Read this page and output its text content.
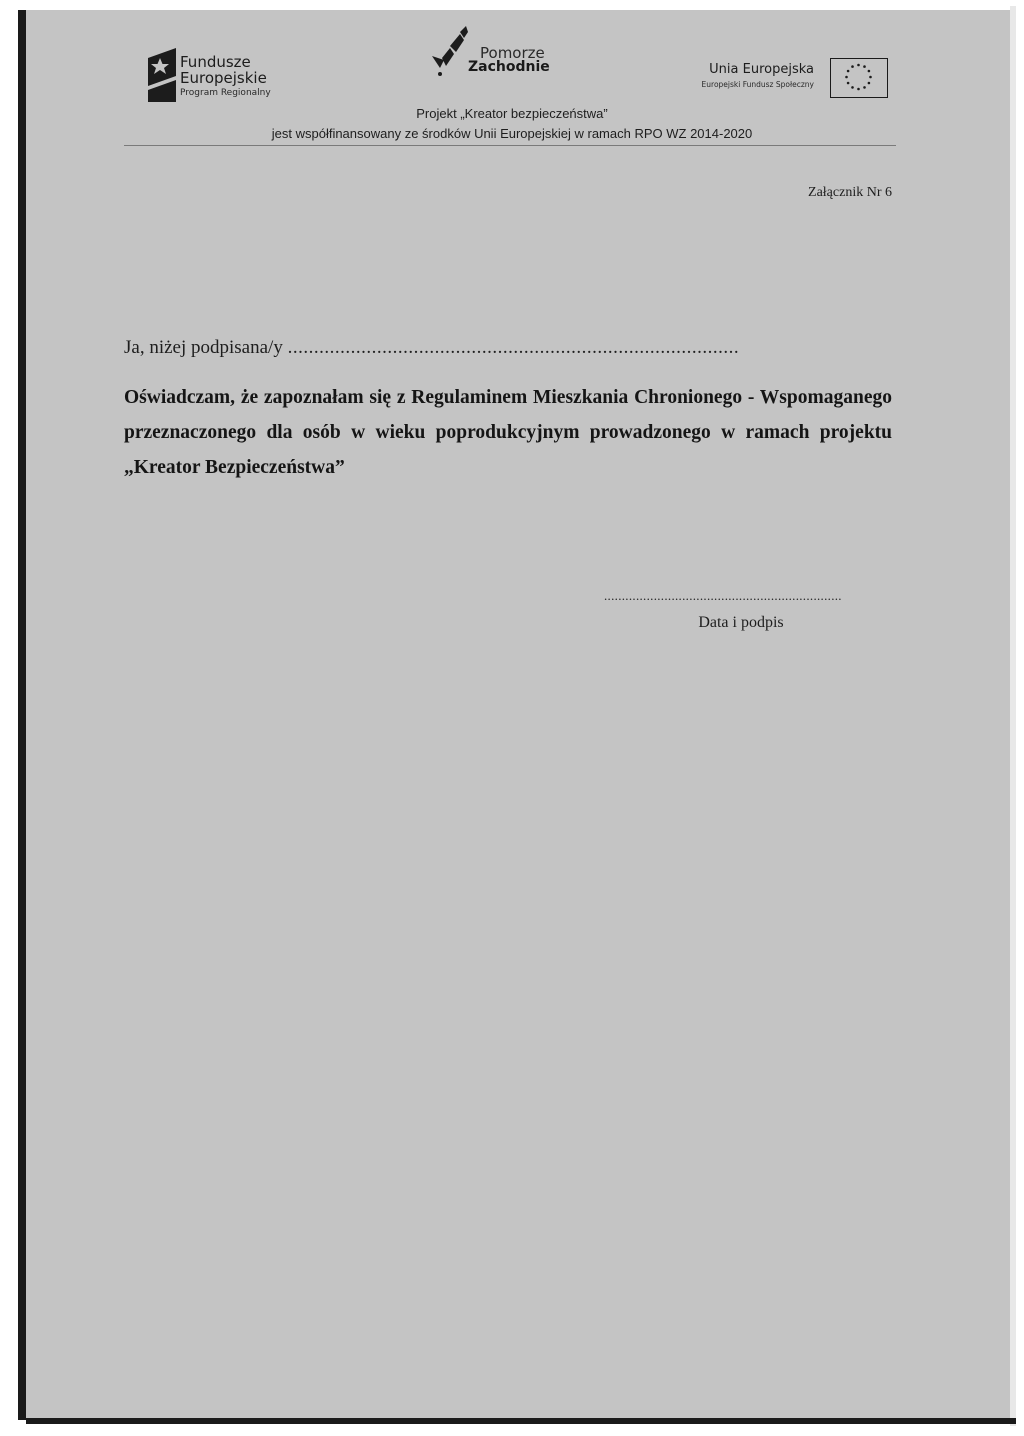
Fundusze
Europejskie
Program Regionalny
Pomorze
Zachodnie	Unia Europejska
Europejski Fundusz Społeczny
Projekt „Kreator bezpieczeństwa”
jest współfinansowany ze środków Unii Europejskiej w ramach RPO WZ 2014-2020
Załącznik Nr 6
Ja, niżej podpisana/y ......................................................................................
Oświadczam, że zapoznałam się z Regulaminem Mieszkania Chronionego - Wspomaganego przeznaczonego dla osób w wieku poprodukcyjnym prowadzonego w ramach projektu „Kreator Bezpieczeństwa”
...................................................................
Data i podpis
